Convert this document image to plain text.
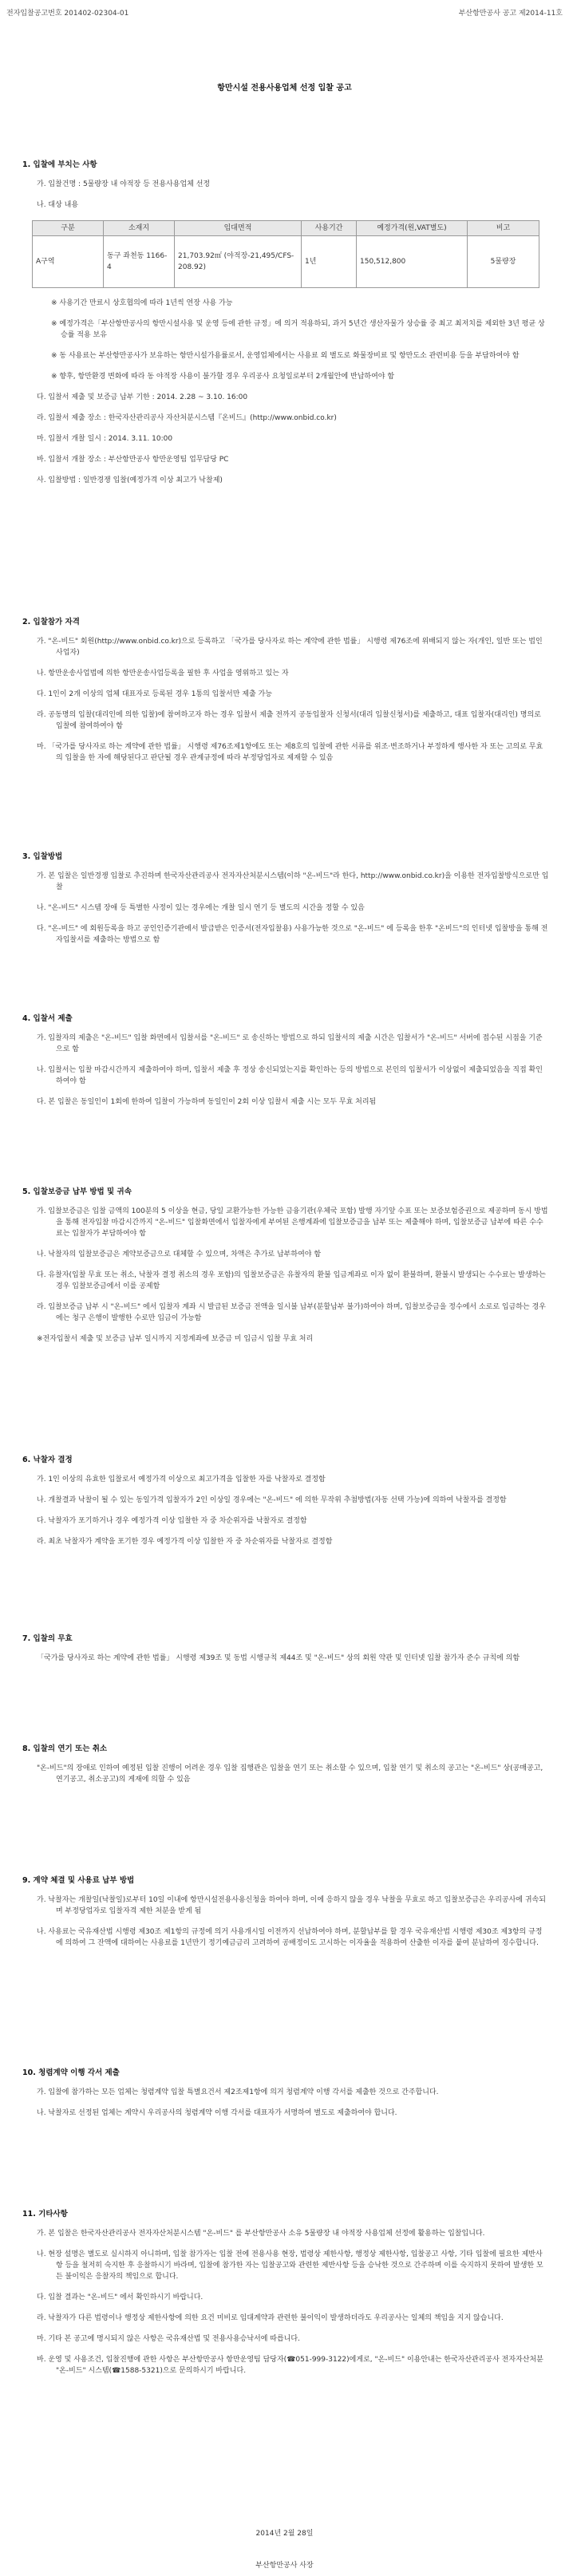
전자입찰공고번호 201402-02304-01	부산항만공사 공고 제2014-11호
항만시설 전용사용업체 선정 입찰 공고
1. 입찰에 부치는 사항
가. 입찰건명 : 5물량장 내 야적장 등 전용사용업체 선정
나. 대상 내용
구분	소재지	임대면적	사용기간	예정가격(원,VAT별도)	비고
A구역	동구 좌천동 1166-4	21,703.92㎡ (야적장-21,495/CFS-208.92)	1년	150,512,800	5물량장
※ 사용기간 만료시 상호협의에 따라 1년씩 연장 사용 가능
※ 예정가격은「부산항만공사의 항만시설사용 및 운영 등에 관한 규정」에 의거 적용하되, 과거 5년간 생산자물가 상승률 중 최고 최저치를 제외한 3년 평균 상승률 적용 보유
※ 동 사용료는 부산항만공사가 보유하는 항만시설가용률로서, 운영업체에서는 사용료 외 별도로 화물장비료 및 항만도소 관련비용 등을 부담하여야 함
※ 향후, 항만환경 변화에 따라 동 야적장 사용이 불가할 경우 우리공사 요청일로부터 2개월안에 반납하여야 함
다. 입찰서 제출 및 보증금 납부 기한 : 2014. 2.28 ~ 3.10. 16:00
라. 입찰서 제출 장소 : 한국자산관리공사 자산처분시스템『온비드』(http://www.onbid.co.kr)
마. 입찰서 개찰 일시 : 2014. 3.11. 10:00
바. 입찰서 개찰 장소 : 부산항만공사 항만운영팀 업무담당 PC
사. 입찰방법 : 일반경쟁 입찰(예정가격 이상 최고가 낙찰제)
2. 입찰참가 자격
가. "온-비드" 회원(http://www.onbid.co.kr)으로 등록하고 「국가를 당사자로 하는 계약에 관한 법률」 시행령 제76조에 위배되지 않는 자(개인, 일반 또는 법인사업자)
나. 항만운송사업법에 의한 항만운송사업등록을 필한 후 사업을 영위하고 있는 자
다. 1인이 2개 이상의 업체 대표자로 등록된 경우 1통의 입찰서만 제출 가능
라. 공동명의 입찰(대리인에 의한 입찰)에 참여하고자 하는 경우 입찰서 제출 전까지 공동입찰자 신청서(대리 입찰신청서)를 제출하고, 대표 입찰자(대리인) 명의로 입찰에 참여하여야 함
마. 「국가를 당사자로 하는 계약에 관한 법률」 시행령 제76조제1항에도 또는 제8호의 입찰에 관한 서류를 위조·변조하거나 부정하게 행사한 자 또는 고의로 무효의 입찰을 한 자에 해당된다고 판단될 경우 관계규정에 따라 부정당업자로 제재할 수 있음
3. 입찰방법
가. 본 입찰은 일반경쟁 입찰로 추진하며 한국자산관리공사 전자자산처분시스템(이하 "온-비드"라 한다, http://www.onbid.co.kr)을 이용한 전자입찰방식으로만 입찰
나. "온-비드" 시스템 장애 등 특별한 사정이 있는 경우에는 개찰 일시 연기 등 별도의 시간을 정할 수 있음
다. "온-비드" 에 회원등록을 하고 공인인증기관에서 발급받은 인증서(전자입찰용) 사용가능한 것으로 "온-비드" 에 등록을 한후 "온비드"의 인터넷 입찰방을 통해 전자입찰서를 제출하는 방법으로 함
4. 입찰서 제출
가. 입찰자의 제출은 "온-비드" 입찰 화면에서 입찰서를 "온-비드" 로 송신하는 방법으로 하되 입찰서의 제출 시간은 입찰서가 "온-비드" 서버에 접수된 시점을 기준으로 함
나. 입찰서는 입찰 마감시간까지 제출하여야 하며, 입찰서 제출 후 정상 송신되었는지를 확인하는 등의 방법으로 본인의 입찰서가 이상없이 제출되었음을 직접 확인하여야 함
다. 본 입찰은 동일인이 1회에 한하여 입찰이 가능하며 동일인이 2회 이상 입찰서 제출 시는 모두 무효 처리됨
5. 입찰보증금 납부 방법 및 귀속
가. 입찰보증금은 입찰 금액의 100분의 5 이상을 현금, 당일 교환가능한 가능한 금융기관(우체국 포함) 발행 자기앞 수표 또는 보증보험증권으로 제공하며 동시 방법을 통해 전자입찰 마감시간까지 "온-비드" 입찰화면에서 입찰자에게 부여된 은행계좌에 입찰보증금을 납부 또는 제출해야 하며, 입찰보증금 납부에 따른 수수료는 입찰자가 부담하여야 함
나. 낙찰자의 입찰보증금은 계약보증금으로 대체할 수 있으며, 차액은 추가로 납부하여야 함
다. 유찰자(입찰 무효 또는 취소, 낙찰자 결정 취소의 경우 포함)의 입찰보증금은 유찰자의 환불 입금계좌로 이자 없이 환불하며, 환불시 발생되는 수수료는 발생하는 경우 입찰보증금에서 이를 공제함
라. 입찰보증금 납부 시 "온-비드" 에서 입찰자 계좌 시 발급된 보증금 전액을 일시불 납부(분할납부 불가)하여야 하며, 입찰보증금을 정수에서 소로로 입금하는 경우에는 청구 은행이 발행한 수로만 입금이 가능함
※전자입찰서 제출 및 보증금 납부 일시까지 지정계좌에 보증금 미 입금시 입찰 무효 처리
6. 낙찰자 결정
가. 1인 이상의 유효한 입찰로서 예정가격 이상으로 최고가격을 입찰한 자를 낙찰자로 결정함
나. 개찰결과 낙찰이 될 수 있는 동일가격 입찰자가 2인 이상일 경우에는 "온-비드" 에 의한 무작위 추첨방법(자동 선택 가능)에 의하여 낙찰자를 결정함
다. 낙찰자가 포기하거나 경우 예정가격 이상 입찰한 자 중 차순위자를 낙찰자로 결정함
라. 최초 낙찰자가 계약을 포기한 경우 예정가격 이상 입찰한 자 중 차순위자를 낙찰자로 결정함
7. 입찰의 무효
「국가를 당사자로 하는 계약에 관한 법률」 시행령 제39조 및 동법 시행규칙 제44조 및 "온-비드" 상의 회원 약관 및 인터넷 입찰 참가자 준수 규칙에 의함
8. 입찰의 연기 또는 취소
"온-비드"의 장애로 인하여 예정된 입찰 진행이 어려운 경우 입찰 집행관은 입찰을 연기 또는 취소할 수 있으며, 입찰 연기 및 취소의 공고는 "온-비드" 상(공매공고, 연기공고, 취소공고)의 게재에 의할 수 있음
9. 계약 체결 및 사용료 납부 방법
가. 낙찰자는 개찰일(낙찰일)로부터 10일 이내에 항만시설전용사용신청을 하여야 하며, 이에 응하지 않을 경우 낙찰을 무효로 하고 입찰보증금은 우리공사에 귀속되며 부정당업자로 입찰자격 제한 처분을 받게 됨
나. 사용료는 국유재산법 시행령 제30조 제1항의 규정에 의거 사용개시일 이전까지 선납하여야 하며, 분할납부를 할 경우 국유재산법 시행령 제30조 제3항의 규정에 의하여 그 잔액에 대하여는 사용료를 1년만기 정기예금금리 고려하여 공배정이도 고시하는 이자율을 적용하여 산출한 이자를 붙여 분납하여 징수합니다.
10. 청렴계약 이행 각서 제출
가. 입찰에 참가하는 모든 업체는 청렴계약 입찰 특별요건서 제2조제1항에 의거 청렴계약 이행 각서를 제출한 것으로 간주합니다.
나. 낙찰자로 선정된 업체는 계약시 우리공사의 청렴계약 이행 각서를 대표자가 서명하여 별도로 제출하여야 합니다.
11. 기타사항
가. 본 입찰은 한국자산관리공사 전자자산처분시스템 "온-비드" 를 부산항만공사 소유 5물량장 내 야적장 사용업체 선정에 활용하는 입찰입니다.
나. 현장 설명은 별도로 실시하지 아니하며, 입찰 참가자는 입찰 전에 전용사용 현장, 법령상 제한사항, 행정상 제한사항, 입찰공고 사항, 기타 입찰에 필요한 제반사항 등을 철저히 숙지한 후 응찰하시기 바라며, 입찰에 참가한 자는 입찰공고와 관련한 제반사항 등을 승낙한 것으로 간주하며 이를 숙지하지 못하여 발생한 모든 불이익은 응찰자의 책임으로 합니다.
다. 입찰 결과는 "온-비드" 에서 확인하시기 바랍니다.
라. 낙찰자가 다른 법령이나 행정상 제한사항에 의한 요건 미비로 임대계약과 관련한 불이익이 발생하더라도 우리공사는 일체의 책임을 지지 않습니다.
마. 기타 본 공고에 명시되지 않은 사항은 국유재산법 및 전용사용승낙서에 따릅니다.
바. 운영 및 사용조건, 입찰진행에 관한 사항은 부산항만공사 항만운영팀 담당자(☎051-999-3122)에게로, "온-비드" 이용안내는 한국자산관리공사 전자자산처분 "온-비드" 시스템(☎1588-5321)으로 문의하시기 바랍니다.
2014년 2월 28일
부산항만공사 사장
